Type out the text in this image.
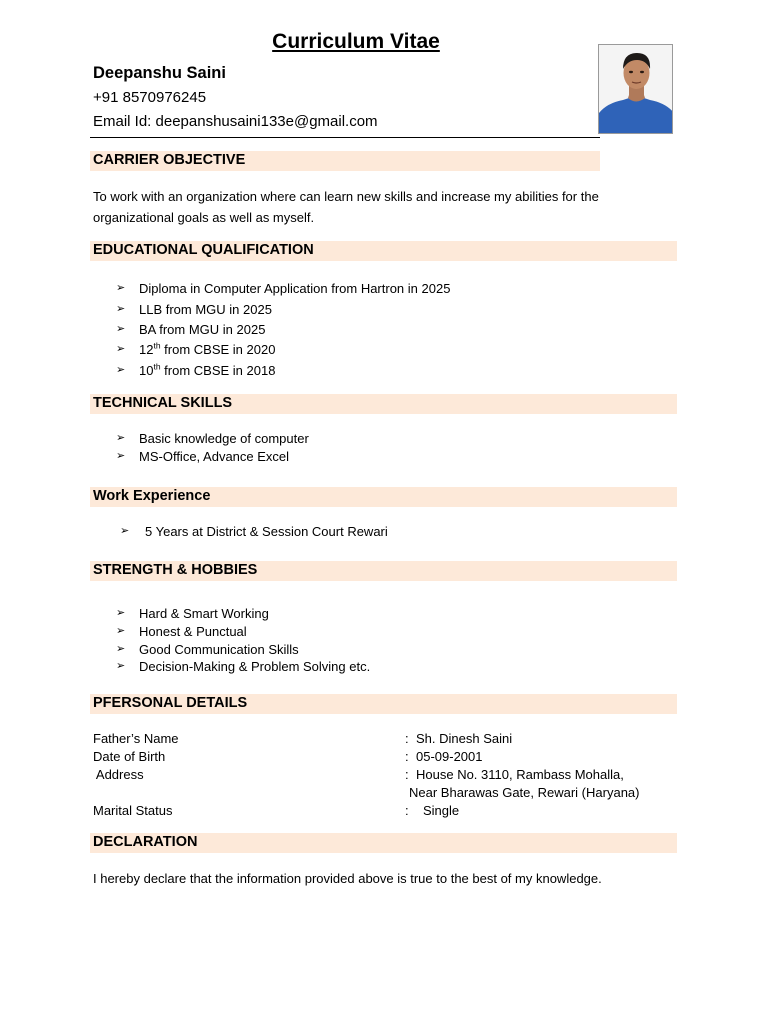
Curriculum Vitae
Deepanshu Saini
+91 8570976245
Email Id: deepanshusaini133e@gmail.com
CARRIER OBJECTIVE
To work with an organization where can learn new skills and increase my abilities for the
organizational goals as well as myself.
EDUCATIONAL QUALIFICATION
➢ Diploma in Computer Application from Hartron in 2025
➢ LLB from MGU in 2025
➢ BA from MGU in 2025
➢ 12th from CBSE in 2020
➢ 10th from CBSE in 2018
TECHNICAL SKILLS
➢ Basic knowledge of computer
➢ MS-Office, Advance Excel
Work Experience
➢ 5 Years at District & Session Court Rewari
STRENGTH & HOBBIES
➢ Hard & Smart Working
➢ Honest & Punctual
➢ Good Communication Skills
➢ Decision-Making & Problem Solving etc.
PFERSONAL DETAILS
Father’s Name	: Sh. Dinesh Saini
Date of Birth	: 05-09-2001
Address	: House No. 3110, Rambass Mohalla,
Near Bharawas Gate, Rewari (Haryana)
Marital Status	: Single
DECLARATION
I hereby declare that the information provided above is true to the best of my knowledge.
